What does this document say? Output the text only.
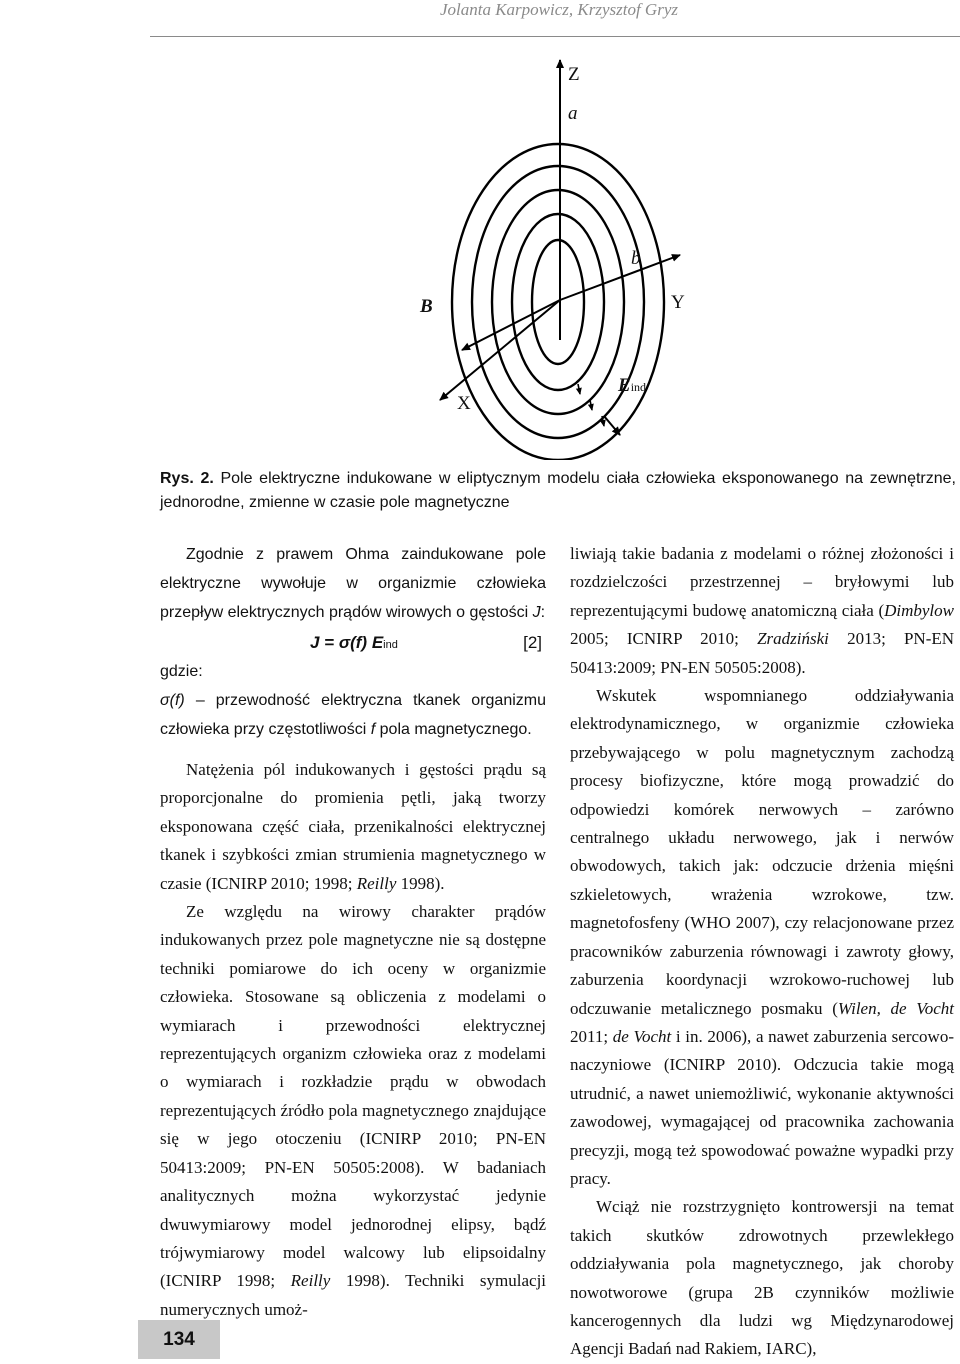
Jolanta Karpowicz, Krzysztof Gryz
Z
a
b
Y
B
X
Eind
Rys. 2. Pole elektryczne indukowane w eliptycznym modelu ciała człowieka eksponowanego na zewnętrzne, jednorodne, zmienne w czasie pole magnetyczne

Zgodnie z prawem Ohma zaindukowane pole elektryczne wywołuje w organizmie człowieka przepływ elektrycznych prądów wirowych o gęstości J:

J = σ(f) Eind	[2]

gdzie:

σ(f) – przewodność elektryczna tkanek organizmu człowieka przy częstotliwości f pola magnetycznego.

Natężenia pól indukowanych i gęstości prądu są proporcjonalne do promienia pętli, jaką tworzy eksponowana część ciała, przenikalności elektrycznej tkanek i szybkości zmian strumienia magnetycznego w czasie (ICNIRP 2010; 1998; Reilly 1998).

Ze względu na wirowy charakter prądów indukowanych przez pole magnetyczne nie są dostępne techniki pomiarowe do ich oceny w organizmie człowieka. Stosowane są obliczenia z modelami o wymiarach i przewodności elektrycznej reprezentujących organizm człowieka oraz z modelami o wymiarach i rozkładzie prądu w obwodach reprezentujących źródło pola magnetycznego znajdujące się w jego otoczeniu (ICNIRP 2010; PN-EN 50413:2009; PN-EN 50505:2008). W badaniach analitycznych można wykorzystać jedynie dwuwymiarowy model jednorodnej elipsy, bądź trójwymiarowy model walcowy lub elipsoidalny (ICNIRP 1998; Reilly 1998). Techniki symulacji numerycznych umoż-

liwiają takie badania z modelami o różnej złożoności i rozdzielczości przestrzennej – bryłowymi lub reprezentującymi budowę anatomiczną ciała (Dimbylow 2005; ICNIRP 2010; Zradziński 2013; PN-EN 50413:2009; PN-EN 50505:2008).

Wskutek wspomnianego oddziaływania elektrodynamicznego, w organizmie człowieka przebywającego w polu magnetycznym zachodzą procesy biofizyczne, które mogą prowadzić do odpowiedzi komórek nerwowych – zarówno centralnego układu nerwowego, jak i nerwów obwodowych, takich jak: odczucie drżenia mięśni szkieletowych, wrażenia wzrokowe, tzw. magnetofosfeny (WHO 2007), czy relacjonowane przez pracowników zaburzenia równowagi i zawroty głowy, zaburzenia koordynacji wzrokowo-ruchowej lub odczuwanie metalicznego posmaku (Wilen, de Vocht 2011; de Vocht i in. 2006), a nawet zaburzenia sercowo-naczyniowe (ICNIRP 2010). Odczucia takie mogą utrudnić, a nawet uniemożliwić, wykonanie aktywności zawodowej, wymagającej od pracownika zachowania precyzji, mogą też spowodować poważne wypadki przy pracy.

Wciąż nie rozstrzygnięto kontrowersji na temat takich skutków zdrowotnych przewlekłego oddziaływania pola magnetycznego, jak choroby nowotworowe (grupa 2B czynników możliwie kancerogennych dla ludzi wg Międzynarodowej Agencji Badań nad Rakiem, IARC),

134
